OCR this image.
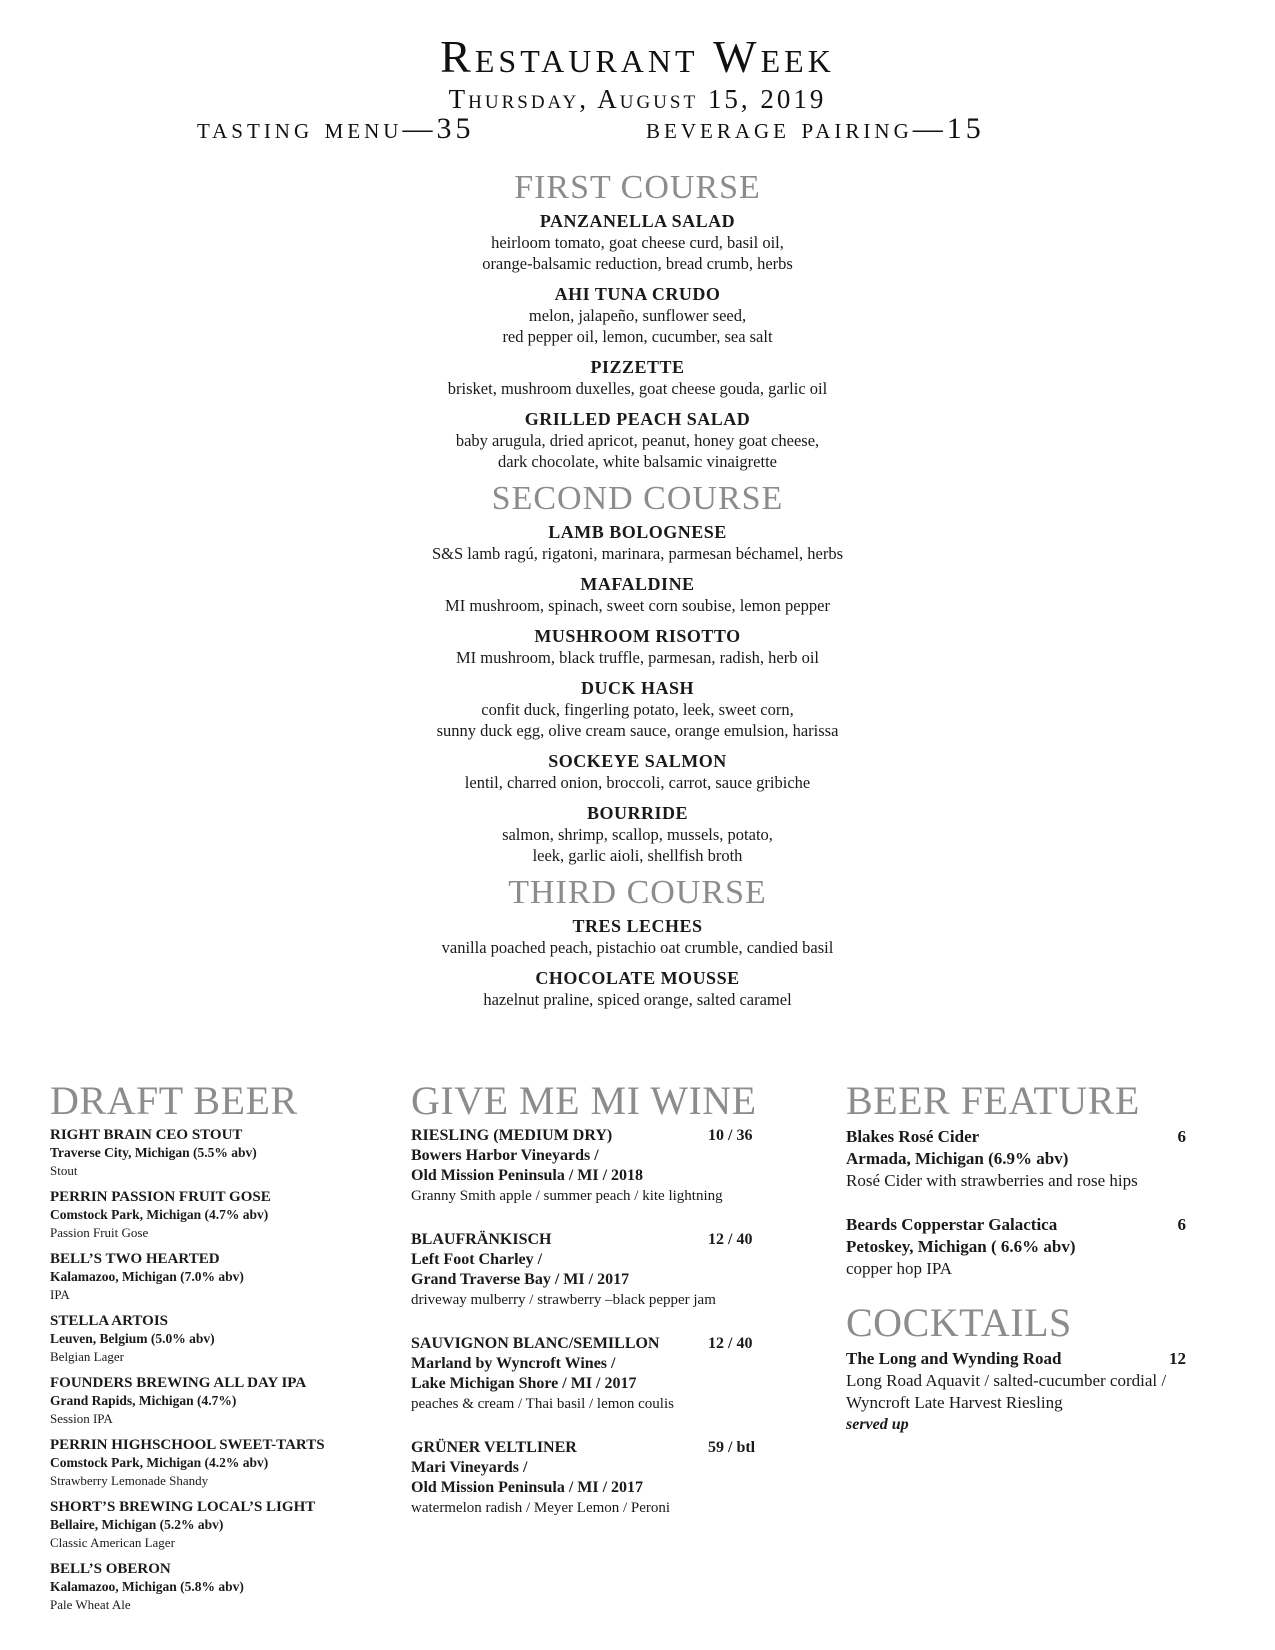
Restaurant Week
Thursday, August 15, 2019
tasting menu—35	beverage pairing—15
FIRST COURSE
PANZANELLA SALAD
heirloom tomato, goat cheese curd, basil oil,
orange-balsamic reduction, bread crumb, herbs
AHI TUNA CRUDO
melon, jalapeño, sunflower seed,
red pepper oil, lemon, cucumber, sea salt
PIZZETTE
brisket, mushroom duxelles, goat cheese gouda, garlic oil
GRILLED PEACH SALAD
baby arugula, dried apricot, peanut, honey goat cheese,
dark chocolate, white balsamic vinaigrette
SECOND COURSE
LAMB BOLOGNESE
S&S lamb ragú, rigatoni, marinara, parmesan béchamel, herbs
MAFALDINE
MI mushroom, spinach, sweet corn soubise, lemon pepper
MUSHROOM RISOTTO
MI mushroom, black truffle, parmesan, radish, herb oil
DUCK HASH
confit duck, fingerling potato, leek, sweet corn,
sunny duck egg, olive cream sauce, orange emulsion, harissa
SOCKEYE SALMON
lentil, charred onion, broccoli, carrot, sauce gribiche
BOURRIDE
salmon, shrimp, scallop, mussels, potato,
leek, garlic aioli, shellfish broth
THIRD COURSE
TRES LECHES
vanilla poached peach, pistachio oat crumble, candied basil
CHOCOLATE MOUSSE
hazelnut praline, spiced orange, salted caramel
DRAFT BEER
RIGHT BRAIN CEO STOUT
Traverse City, Michigan (5.5% abv)
Stout
PERRIN PASSION FRUIT GOSE
Comstock Park, Michigan (4.7% abv)
Passion Fruit Gose
BELL’S TWO HEARTED
Kalamazoo, Michigan (7.0% abv)
IPA
STELLA ARTOIS
Leuven, Belgium (5.0% abv)
Belgian Lager
FOUNDERS BREWING ALL DAY IPA
Grand Rapids, Michigan (4.7%)
Session IPA
PERRIN HIGHSCHOOL SWEET-TARTS
Comstock Park, Michigan (4.2% abv)
Strawberry Lemonade Shandy
SHORT’S BREWING LOCAL’S LIGHT
Bellaire, Michigan (5.2% abv)
Classic American Lager
BELL’S OBERON
Kalamazoo, Michigan (5.8% abv)
Pale Wheat Ale
GIVE ME MI WINE
RIESLING (MEDIUM DRY)	10 / 36
Bowers Harbor Vineyards /
Old Mission Peninsula / MI / 2018
Granny Smith apple / summer peach / kite lightning
BLAUFRÄNKISCH	12 / 40
Left Foot Charley /
Grand Traverse Bay / MI / 2017
driveway mulberry / strawberry –black pepper jam
SAUVIGNON BLANC/SEMILLON	12 / 40
Marland by Wyncroft Wines /
Lake Michigan Shore / MI / 2017
peaches & cream / Thai basil / lemon coulis
GRÜNER VELTLINER	59 / btl
Mari Vineyards /
Old Mission Peninsula / MI / 2017
watermelon radish / Meyer Lemon / Peroni
BEER FEATURE
Blakes Rosé Cider	6
Armada, Michigan (6.9% abv)
Rosé Cider with strawberries and rose hips
Beards Copperstar Galactica	6
Petoskey, Michigan ( 6.6% abv)
copper hop IPA
COCKTAILS
The Long and Wynding Road	12
Long Road Aquavit / salted-cucumber cordial /
Wyncroft Late Harvest Riesling
served up
